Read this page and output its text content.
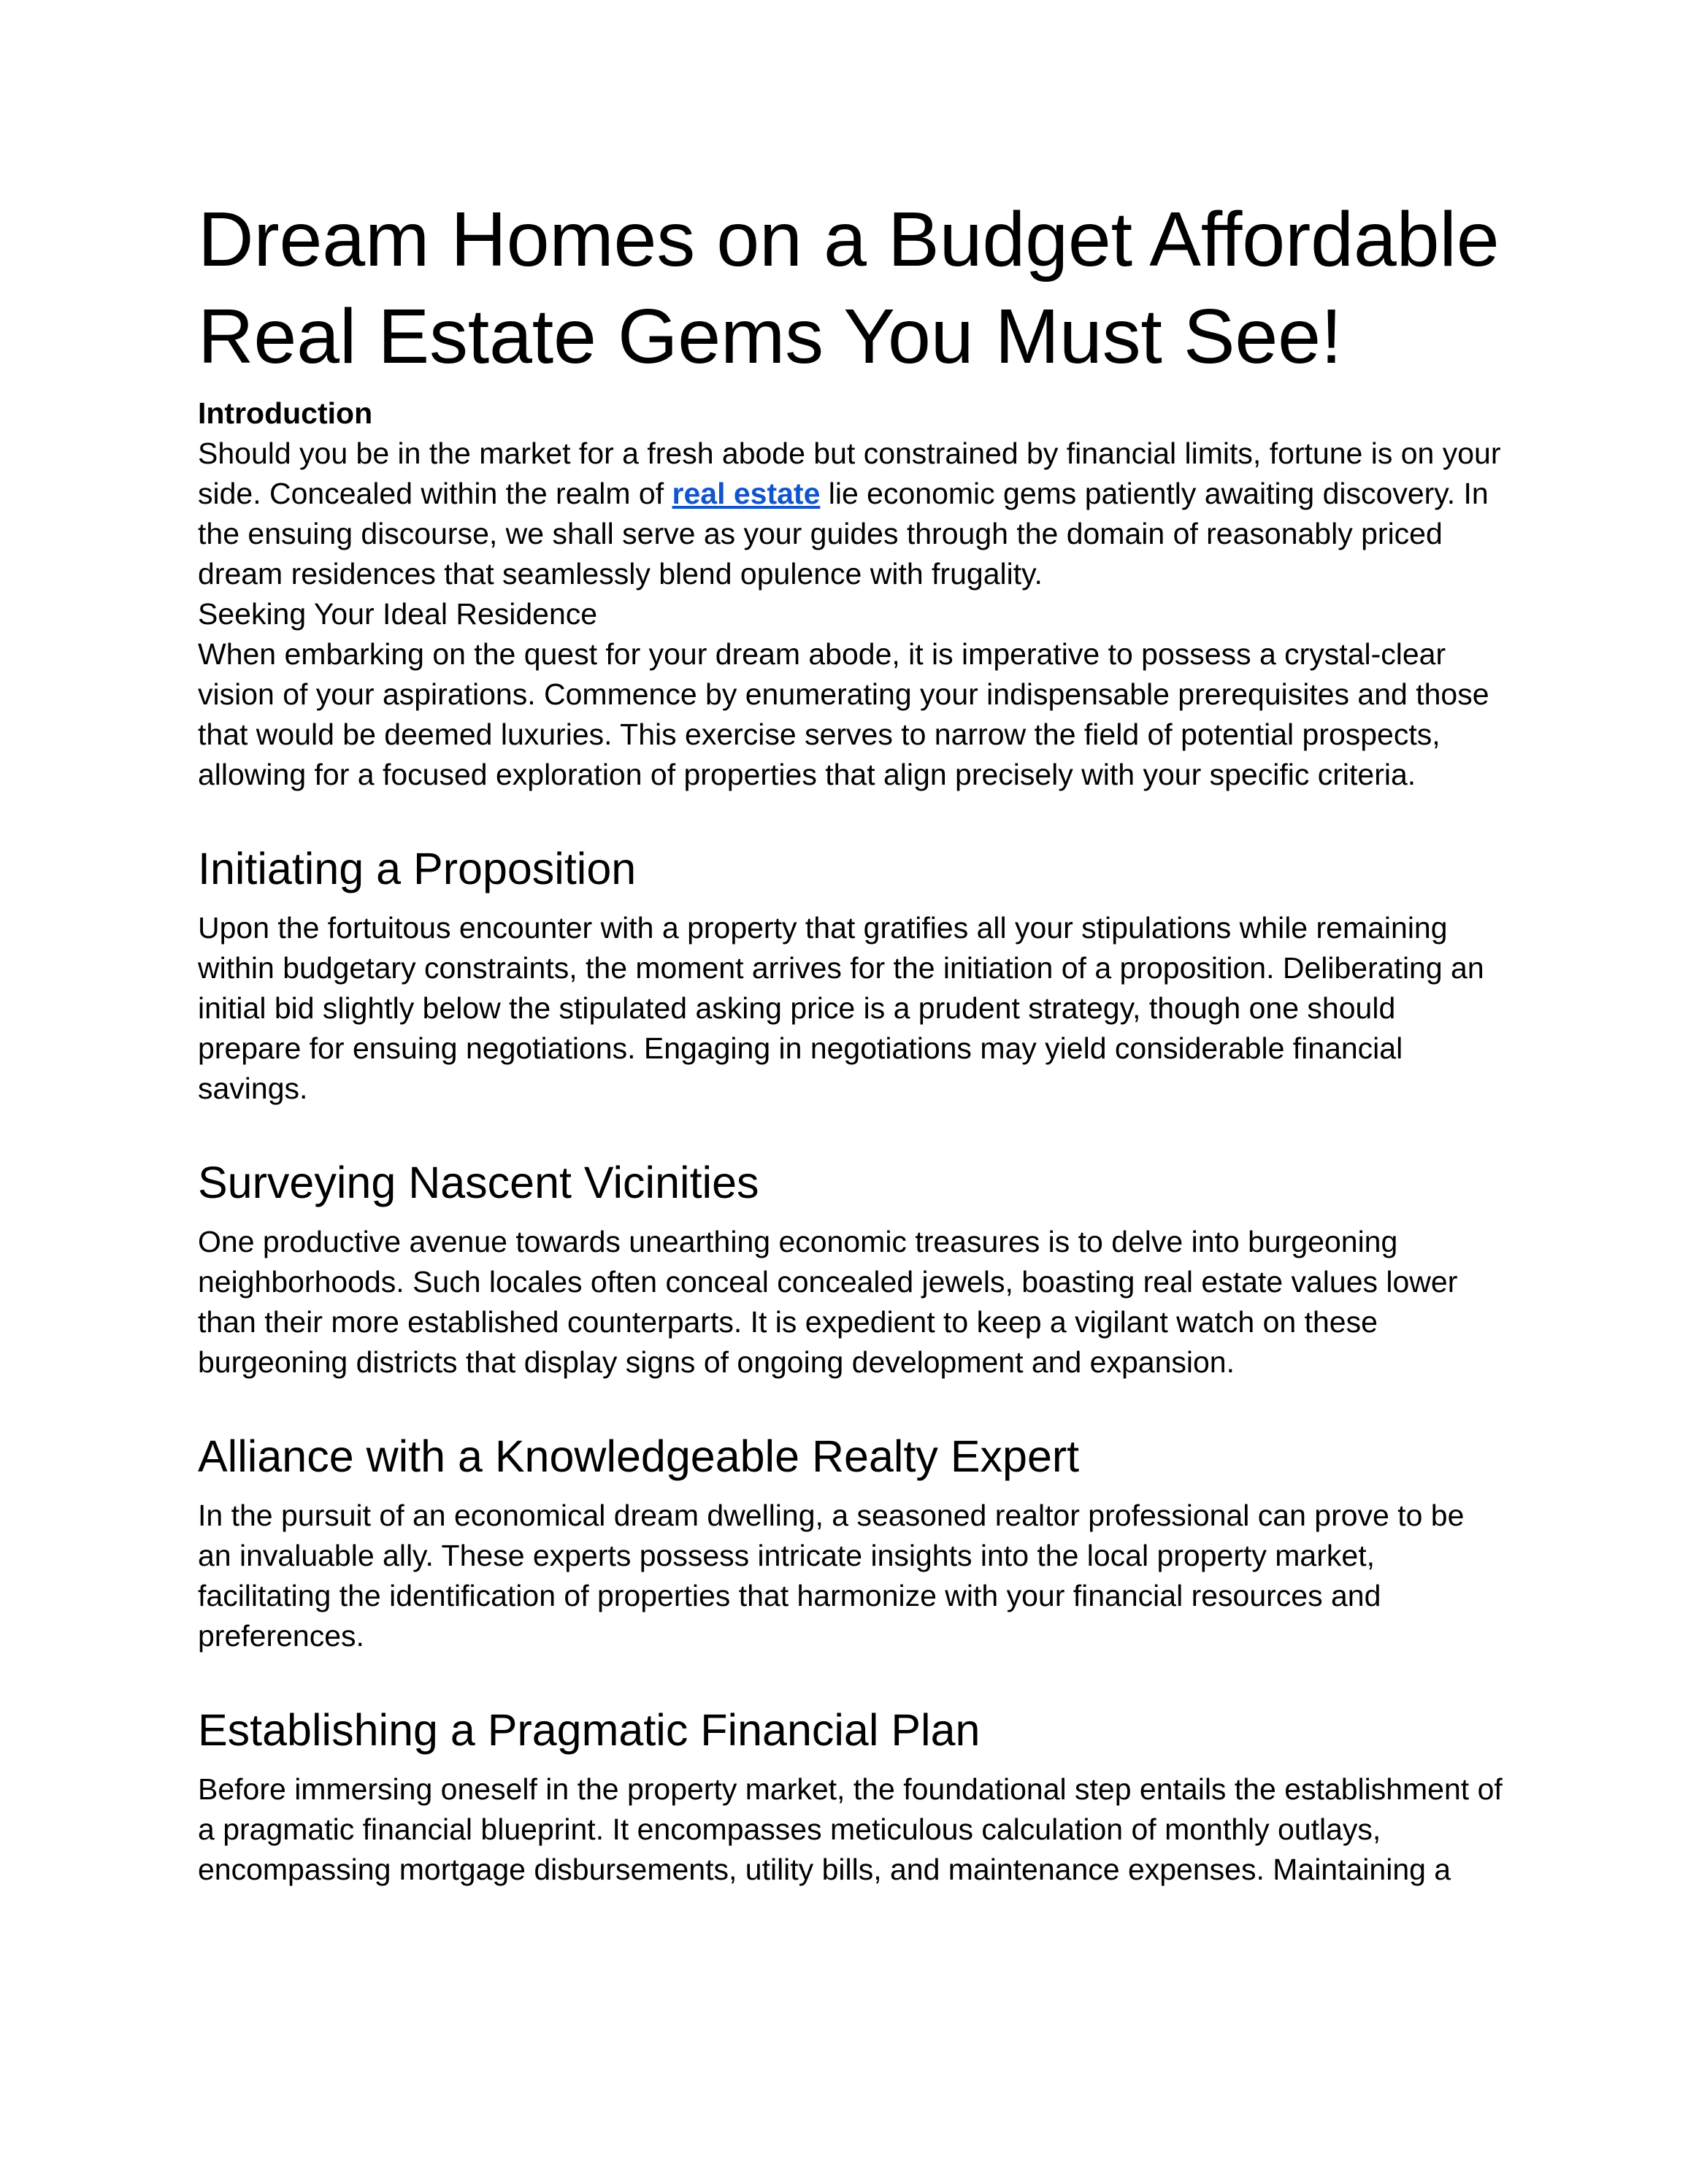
Dream Homes on a Budget Affordable Real Estate Gems You Must See!
Introduction

Should you be in the market for a fresh abode but constrained by financial limits, fortune is on your side. Concealed within the realm of real estate lie economic gems patiently awaiting discovery. In the ensuing discourse, we shall serve as your guides through the domain of reasonably priced dream residences that seamlessly blend opulence with frugality.

Seeking Your Ideal Residence

When embarking on the quest for your dream abode, it is imperative to possess a crystal-clear vision of your aspirations. Commence by enumerating your indispensable prerequisites and those that would be deemed luxuries. This exercise serves to narrow the field of potential prospects, allowing for a focused exploration of properties that align precisely with your specific criteria.

Initiating a Proposition

Upon the fortuitous encounter with a property that gratifies all your stipulations while remaining within budgetary constraints, the moment arrives for the initiation of a proposition. Deliberating an initial bid slightly below the stipulated asking price is a prudent strategy, though one should prepare for ensuing negotiations. Engaging in negotiations may yield considerable financial savings.

Surveying Nascent Vicinities

One productive avenue towards unearthing economic treasures is to delve into burgeoning neighborhoods. Such locales often conceal concealed jewels, boasting real estate values lower than their more established counterparts. It is expedient to keep a vigilant watch on these burgeoning districts that display signs of ongoing development and expansion.

Alliance with a Knowledgeable Realty Expert

In the pursuit of an economical dream dwelling, a seasoned realtor professional can prove to be an invaluable ally. These experts possess intricate insights into the local property market, facilitating the identification of properties that harmonize with your financial resources and preferences.

Establishing a Pragmatic Financial Plan

Before immersing oneself in the property market, the foundational step entails the establishment of a pragmatic financial blueprint. It encompasses meticulous calculation of monthly outlays, encompassing mortgage disbursements, utility bills, and maintenance expenses. Maintaining a
